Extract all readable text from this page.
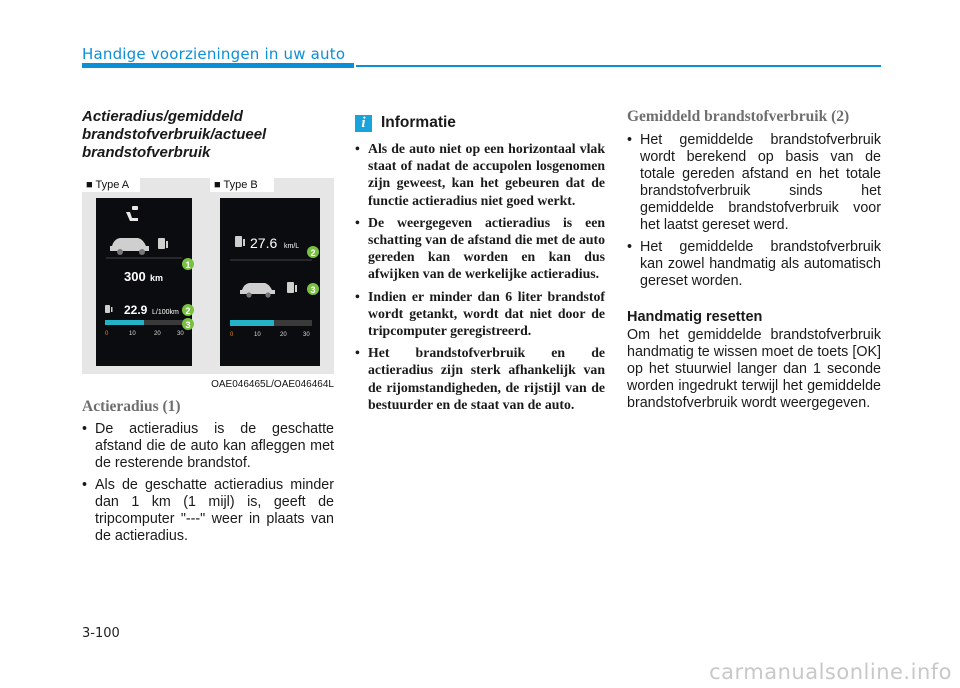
Handige voorzieningen in uw auto
Actieradius/gemiddeld brandstofverbruik/actueel brandstofverbruik
■ Type A	■ Type B
300 km
22.9 L/100km
0	10	20	30
27.6 km/L
0	10	20	30
1
2
3
2
3
OAE046465L/OAE046464L
Actieradius (1)
• De actieradius is de geschatte afstand die de auto kan afleggen met de resterende brandstof.
• Als de geschatte actieradius minder dan 1 km (1 mijl) is, geeft de tripcomputer "---" weer in plaats van de actieradius.
i Informatie
• Als de auto niet op een horizontaal vlak staat of nadat de accupolen losgenomen zijn geweest, kan het gebeuren dat de functie actieradius niet goed werkt.
• De weergegeven actieradius is een schatting van de afstand die met de auto gereden kan worden en kan dus afwijken van de werkelijke actieradius.
• Indien er minder dan 6 liter brandstof wordt getankt, wordt dat niet door de tripcomputer geregistreerd.
• Het brandstofverbruik en de actieradius zijn sterk afhankelijk van de rijomstandigheden, de rijstijl van de bestuurder en de staat van de auto.
Gemiddeld brandstofverbruik (2)
• Het gemiddelde brandstofverbruik wordt berekend op basis van de totale gereden afstand en het totale brandstofverbruik sinds het gemiddelde brandstofverbruik voor het laatst gereset werd.
• Het gemiddelde brandstofverbruik kan zowel handmatig als automatisch gereset worden.
Handmatig resetten
Om het gemiddelde brandstofverbruik handmatig te wissen moet de toets [OK] op het stuurwiel langer dan 1 seconde worden ingedrukt terwijl het gemiddelde brandstofverbruik wordt weergegeven.
3-100
carmanualsonline.info
